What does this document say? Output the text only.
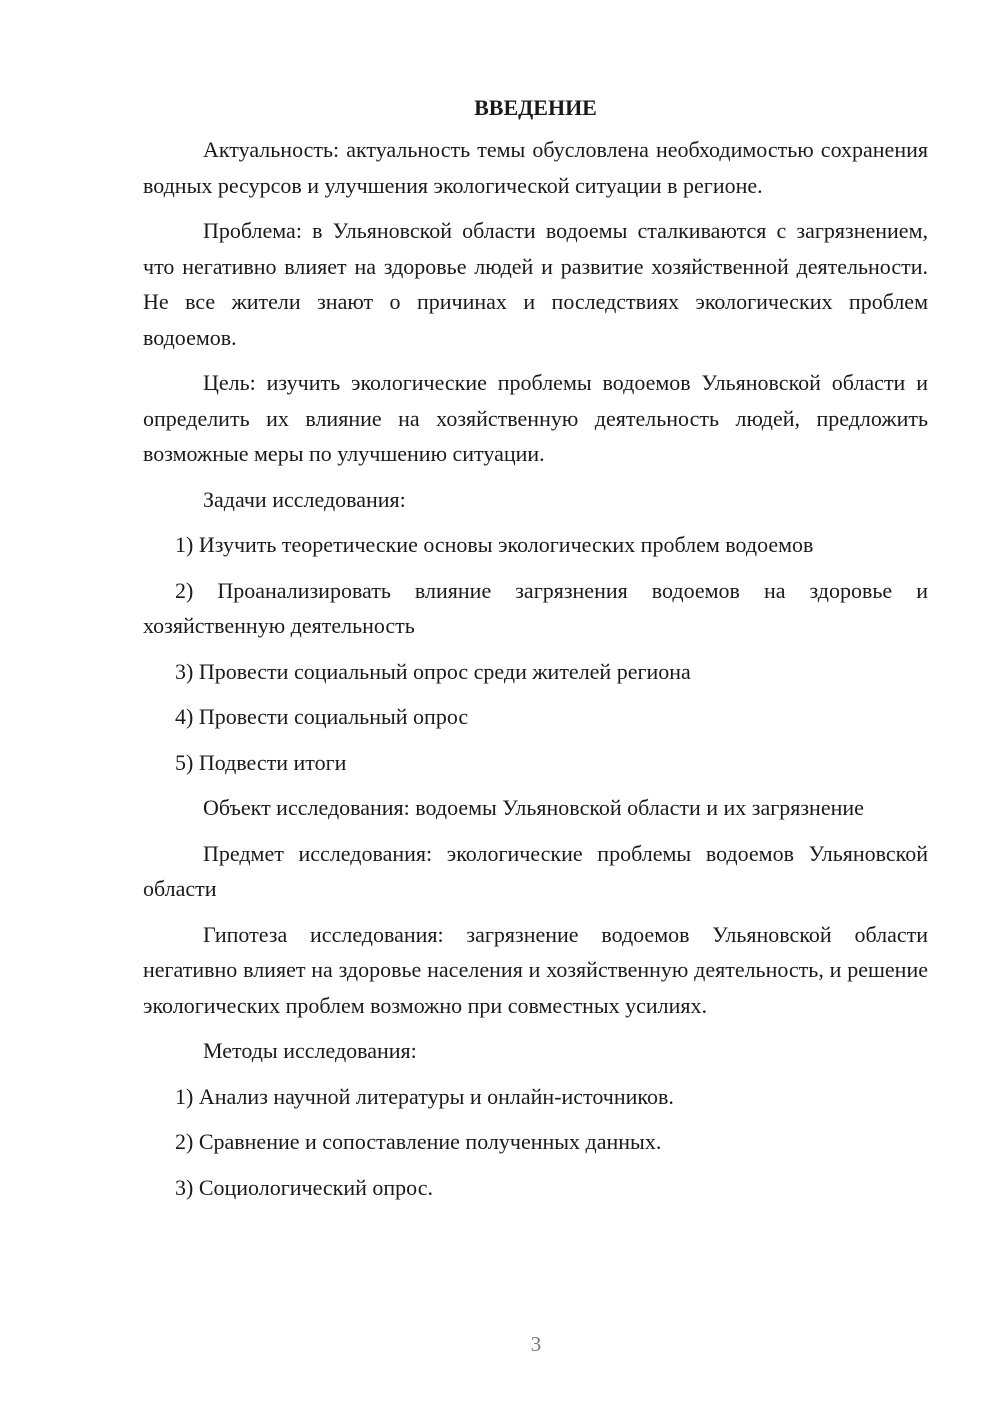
ВВЕДЕНИЕ

Актуальность: актуальность темы обусловлена необходимостью сохранения водных ресурсов и улучшения экологической ситуации в регионе.

Проблема: в Ульяновской области водоемы сталкиваются с загрязнением, что негативно влияет на здоровье людей и развитие хозяйственной деятельности. Не все жители знают о причинах и последствиях экологических проблем водоемов.

Цель: изучить экологические проблемы водоемов Ульяновской области и определить их влияние на хозяйственную деятельность людей, предложить возможные меры по улучшению ситуации.

Задачи исследования:

1) Изучить теоретические основы экологических проблем водоемов

2) Проанализировать влияние загрязнения водоемов на здоровье и хозяйственную деятельность

3) Провести социальный опрос среди жителей региона

4) Провести социальный опрос

5) Подвести итоги

Объект исследования: водоемы Ульяновской области и их загрязнение

Предмет исследования: экологические проблемы водоемов Ульяновской области

Гипотеза исследования: загрязнение водоемов Ульяновской области негативно влияет на здоровье населения и хозяйственную деятельность, и решение экологических проблем возможно при совместных усилиях.

Методы исследования:

1) Анализ научной литературы и онлайн-источников.

2) Сравнение и сопоставление полученных данных.

3) Социологический опрос.

3
